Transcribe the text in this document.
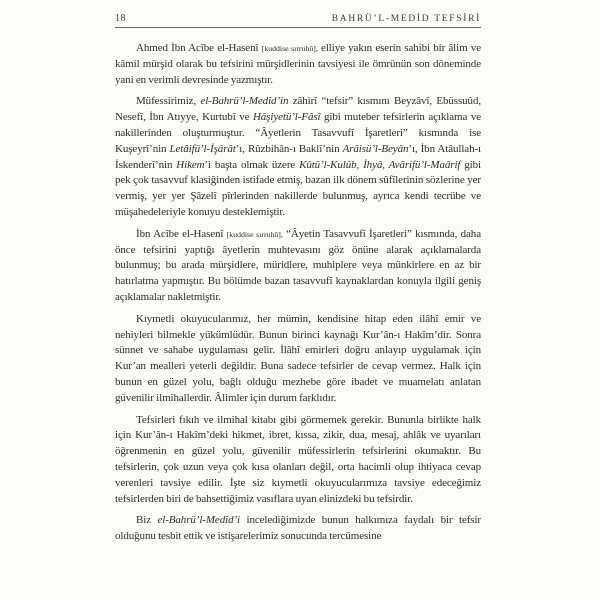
18	BAHRÜ’L-MEDİD TEFSİRİ

Ahmed İbn Acîbe el-Hasenî [kuddise sırruhû], elliye yakın eserin sahibi bir âlim ve kâmil mürşid olarak bu tefsirini mürşidlerinin tavsiyesi ile ömrünün son döneminde yani en verimli devresinde yazmıştır.

Müfessirimiz, el-Bahrü’l-Medîd’in zâhirî “tefsir” kısmını Beyzâvî, Ebüssuûd, Nesefî, İbn Atıyye, Kurtubî ve Hâşiyetü’l-Fâsî gibi muteber tefsirlerin açıklama ve nakillerinden oluşturmuştur. “Âyetlerin Tasavvufî İşaretleri” kısmında ise Kuşeyrî’nin Letâifü’l-İşârât’ı, Rûzbihân-ı Baklî’nin Arâisü’l-Beyân’ı, İbn Atâullah-ı İskenderî’nin Hikem’i başta olmak üzere Kûtü’l-Kulûb, İhyâ, Avârifü’l-Maârif gibi pek çok tasavvuf klasiğinden istifade etmiş, bazan ilk dönem sûfîlerinin sözlerine yer vermiş, yer yer Şâzelî pîrlerinden nakillerde bulunmuş, ayrıca kendi tecrübe ve müşahedeleriyle konuyu desteklemiştir.

İbn Acîbe el-Hasenî [kuddise sırruhû], “Âyetin Tasavvufî İşaretleri” kısmında, daha önce tefsirini yaptığı âyetlerin muhtevasını göz önüne alarak açıklamalarda bulunmuş; bu arada mürşidlere, müridlere, muhiplere veya münkirlere en az bir hatırlatma yapmıştır. Bu bölümde bazan tasavvufî kaynaklardan konuyla ilgili geniş açıklamalar nakletmiştir.

Kıymetli okuyucularımız, her mümin, kendisine hitap eden ilâhî emir ve nehiyleri bilmekle yükümlüdür. Bunun birinci kaynağı Kur’ân-ı Hakîm’dir. Sonra sünnet ve sahabe uygulaması gelir. İlâhî emirleri doğru anlayıp uygulamak için Kur’an mealleri yeterli değildir. Buna sadece tefsirler de cevap vermez. Halk için bunun en güzel yolu, bağlı olduğu mezhebe göre ibadet ve muamelatı anlatan güvenilir ilmihallerdir. Âlimler için durum farklıdır.

Tefsirleri fıkıh ve ilmihal kitabı gibi görmemek gerekir. Bununla birlikte halk için Kur’ân-ı Hakîm’deki hikmet, ibret, kıssa, zikir, dua, mesaj, ahlâk ve uyarıları öğrenmenin en güzel yolu, güvenilir müfessirlerin tefsirlerini okumaktır. Bu tefsirlerin, çok uzun veya çok kısa olanları değil, orta hacimli olup ihtiyaca cevap verenleri tavsiye edilir. İşte siz kıymetli okuyucularımıza tavsiye edeceğimiz tefsirlerden biri de bahsettiğimiz vasıflara uyan elinizdeki bu tefsirdir.

Biz el-Bahrü’l-Medîd’i incelediğimizde bunun halkımıza faydalı bir tefsir olduğunu tesbit ettik ve istişarelerimiz sonucunda tercümesine
